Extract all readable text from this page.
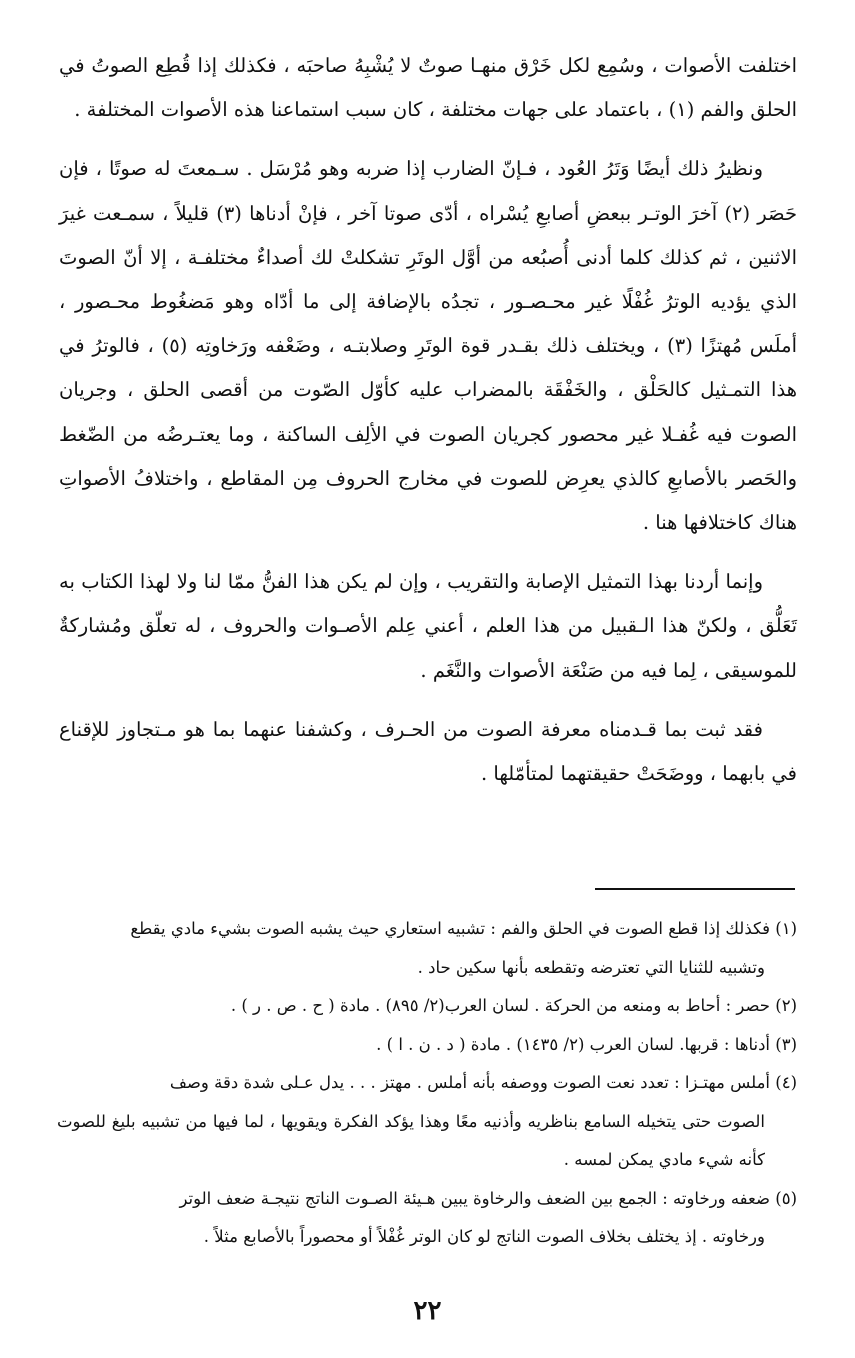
اختلفت الأصوات ، وسُمِع لكل خَرْق منهـا صوتٌ لا يُشْبِهُ صاحبَه ، فكذلك إذا قُطِع الصوتُ في الحلق والفم (١) ، باعتماد على جهات مختلفة ، كان سبب استماعنا هذه الأصوات المختلفة .

ونظيرُ ذلك أيضًا وَتَرُ العُود ، فـإنّ الضارب إذا ضربه وهو مُرْسَل . سـمعتَ له صوتًا ، فإن حَصَر (٢) آخرَ الوتـر ببعضِ أصابعِ يُسْراه ، أدّى صوتا آخر ، فإنْ أدناها (٣) قليلاً ، سمـعت غيرَ الاثنين ، ثم كذلك كلما أدنى أُصبُعه من أوَّل الوتَرِ تشكلتْ لك أصداءٌ مختلفـة ، إلا أنّ الصوتَ الذي يؤديه الوترُ غُفْلًا غير محـصـور ، تجدُه بالإضافة إلى ما أدّاه وهو مَضغُوط محـصور ، أملَس مُهتزًا (٣) ، ويختلف ذلك بقـدر قوة الوتَرِ وصلابتـه ، وضَعْفه ورَخاوتِه (٥) ، فالوترُ في هذا التمـثيل كالحَلْق ، والخَفْقَة بالمضراب عليه كأوّل الصّوت من أقصى الحلق ، وجريان الصوت فيه غُفـلا غير محصور كجريان الصوت في الألِف الساكنة ، وما يعتـرضُه من الضّغط والحَصر بالأصابعِ كالذي يعرِض للصوت في مخارج الحروف مِن المقاطع ، واختلافُ الأصواتِ هناك كاختلافها هنا .

وإنما أردنا بهذا التمثيل الإصابة والتقريب ، وإن لم يكن هذا الفنُّ ممّا لنا ولا لهذا الكتاب به تَعَلُّق ، ولكنّ هذا الـقبيل من هذا العلم ، أعني عِلم الأصـوات والحروف ، له تعلّق ومُشاركةٌ للموسيقى ، لِما فيه من صَنْعَة الأصوات والنَّغَم .

فقد ثبت بما قـدمناه معرفة الصوت من الحـرف ، وكشفنا عنهما بما هو مـتجاوز للإقناع في بابهما ، ووضَحَتْ حقيقتهما لمتأمّلها .

(١) فكذلك إذا قطع الصوت في الحلق والفم : تشبيه استعاري حيث يشبه الصوت بشيء مادي يقطع
وتشبيه للثنايا التي تعترضه وتقطعه بأنها سكين حاد .
(٢) حصر : أحاط به ومنعه من الحركة . لسان العرب(٢/ ٨٩٥) . مادة ( ح . ص . ر ) .
(٣) أدناها : قربها. لسان العرب (٢/ ١٤٣٥) . مادة ( د . ن . ا ) .
(٤) أملس مهتـزا : تعدد نعت الصوت ووصفه بأنه أملس . مهتز . . . يدل عـلى شدة دقة وصف
الصوت حتى يتخيله السامع بناظريه وأذنيه معًا وهذا يؤكد الفكرة ويقويها ، لما فيها من تشبيه بليغ للصوت كأنه شيء مادي يمكن لمسه .
(٥) ضعفه ورخاوته : الجمع بين الضعف والرخاوة يبين هـيئة الصـوت الناتج نتيجـة ضعف الوتر
ورخاوته . إذ يختلف بخلاف الصوت الناتج لو كان الوتر غُفْلاً أو محصوراً بالأصابع مثلاً .
٢٢
